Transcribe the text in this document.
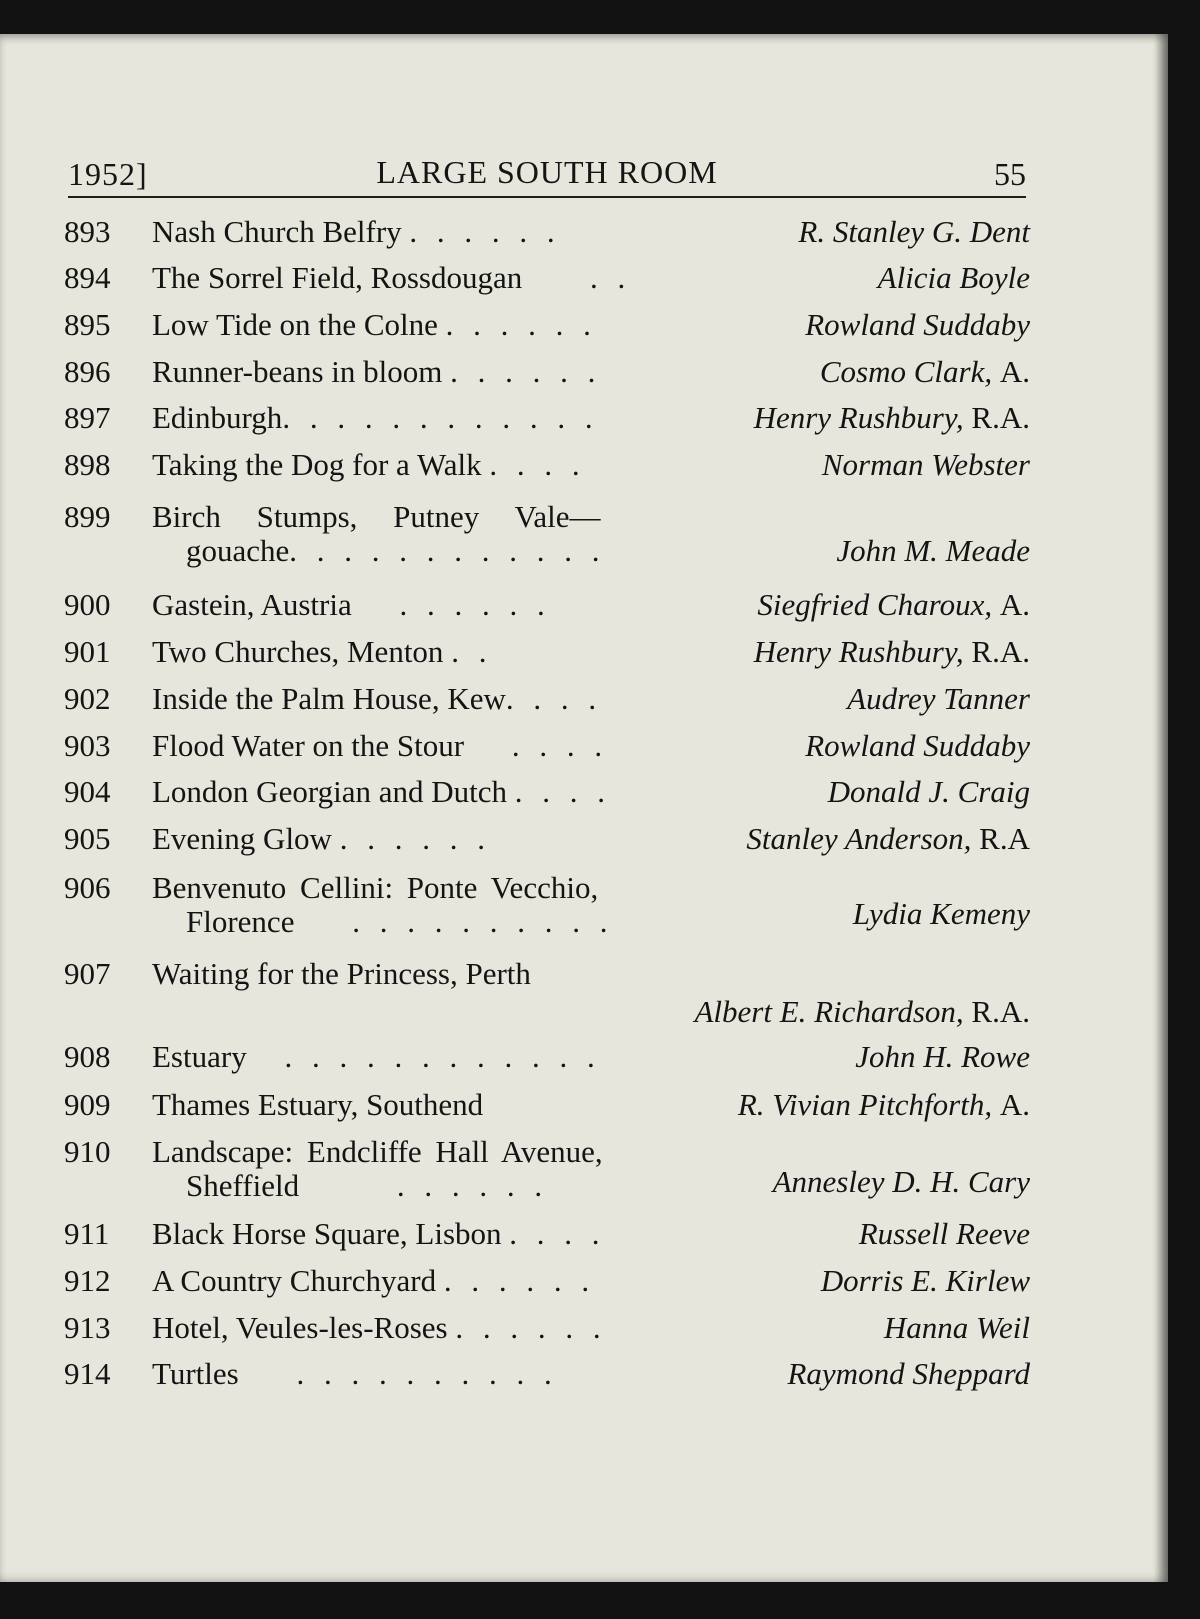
LARGE SOUTH ROOM
1952]	55
893 Nash Church Belfry . . . . . .	R. Stanley G. Dent
894 The Sorrel Field, Rossdougan . .	Alicia Boyle
895 Low Tide on the Colne . . . . . .	Rowland Suddaby
896 Runner-beans in bloom . . . . . .	Cosmo Clark, A.
897 Edinburgh. . . . . . . . . . . .	Henry Rushbury, R.A.
898 Taking the Dog for a Walk . . . .	Norman Webster
899 Birch Stumps, Putney Vale—
gouache. . . . . . . . . . . .	John M. Meade
900 Gastein, Austria . . . . . .	Siegfried Charoux, A.
901 Two Churches, Menton . .	Henry Rushbury, R.A.
902 Inside the Palm House, Kew. . . .	Audrey Tanner
903 Flood Water on the Stour . . . .	Rowland Suddaby
904 London Georgian and Dutch . . . .	Donald J. Craig
905 Evening Glow . . . . . .	Stanley Anderson, R.A
906 Benvenuto Cellini: Ponte Vecchio,
Florence . . . . . . . . . .	Lydia Kemeny
907 Waiting for the Princess, Perth
Albert E. Richardson, R.A.
908 Estuary . . . . . . . . . . . .	John H. Rowe
909 Thames Estuary, Southend	R. Vivian Pitchforth, A.
910 Landscape: Endcliffe Hall Avenue,
Sheffield	. . . . . .	Annesley D. H. Cary
911 Black Horse Square, Lisbon . . . .	Russell Reeve
912 A Country Churchyard . . . . . .	Dorris E. Kirlew
913 Hotel, Veules-les-Roses . . . . . .	Hanna Weil
914 Turtles . . . . . . . . . .	Raymond Sheppard
